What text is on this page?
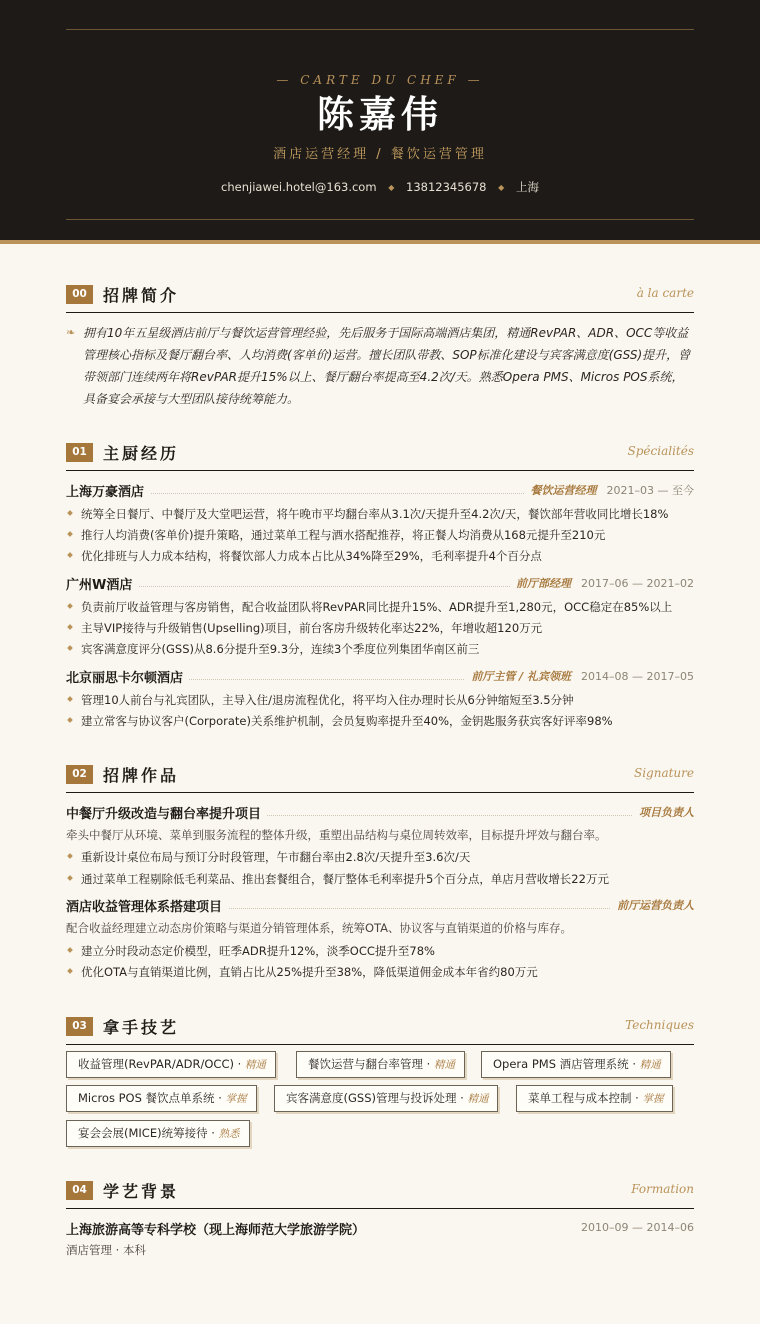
— CARTE DU CHEF —
陈嘉伟
酒店运营经理 / 餐饮运营管理
chenjiawei.hotel@163.com ◆ 13812345678 ◆ 上海
00	招牌简介	à la carte
❧ 拥有10年五星级酒店前厅与餐饮运营管理经验，先后服务于国际高端酒店集团，精通RevPAR、ADR、OCC等收益管理核心指标及餐厅翻台率、人均消费(客单价)运营。擅长团队带教、SOP标准化建设与宾客满意度(GSS)提升，曾带领部门连续两年将RevPAR提升15%以上、餐厅翻台率提高至4.2次/天。熟悉Opera PMS、Micros POS系统，具备宴会承接与大型团队接待统筹能力。
01	主厨经历	Spécialités
上海万豪酒店	餐饮运营经理 2021–03 — 至今
统筹全日餐厅、中餐厅及大堂吧运营，将午晚市平均翻台率从3.1次/天提升至4.2次/天，餐饮部年营收同比增长18%
推行人均消费(客单价)提升策略，通过菜单工程与酒水搭配推荐，将正餐人均消费从168元提升至210元
优化排班与人力成本结构，将餐饮部人力成本占比从34%降至29%，毛利率提升4个百分点
广州W酒店	前厅部经理 2017–06 — 2021–02
负责前厅收益管理与客房销售，配合收益团队将RevPAR同比提升15%、ADR提升至1,280元，OCC稳定在85%以上
主导VIP接待与升级销售(Upselling)项目，前台客房升级转化率达22%，年增收超120万元
宾客满意度评分(GSS)从8.6分提升至9.3分，连续3个季度位列集团华南区前三
北京丽思卡尔顿酒店	前厅主管 / 礼宾领班 2014–08 — 2017–05
管理10人前台与礼宾团队，主导入住/退房流程优化，将平均入住办理时长从6分钟缩短至3.5分钟
建立常客与协议客户(Corporate)关系维护机制，会员复购率提升至40%，金钥匙服务获宾客好评率98%
02	招牌作品	Signature
中餐厅升级改造与翻台率提升项目	项目负责人
牵头中餐厅从环境、菜单到服务流程的整体升级，重塑出品结构与桌位周转效率，目标提升坪效与翻台率。
重新设计桌位布局与预订分时段管理，午市翻台率由2.8次/天提升至3.6次/天
通过菜单工程剔除低毛利菜品、推出套餐组合，餐厅整体毛利率提升5个百分点，单店月营收增长22万元
酒店收益管理体系搭建项目	前厅运营负责人
配合收益经理建立动态房价策略与渠道分销管理体系，统筹OTA、协议客与直销渠道的价格与库存。
建立分时段动态定价模型，旺季ADR提升12%，淡季OCC提升至78%
优化OTA与直销渠道比例，直销占比从25%提升至38%，降低渠道佣金成本年省约80万元
03	拿手技艺	Techniques
收益管理(RevPAR/ADR/OCC) · 精通	餐饮运营与翻台率管理 · 精通	Opera PMS 酒店管理系统 · 精通
Micros POS 餐饮点单系统 · 掌握	宾客满意度(GSS)管理与投诉处理 · 精通	菜单工程与成本控制 · 掌握
宴会会展(MICE)统筹接待 · 熟悉
04	学艺背景	Formation
上海旅游高等专科学校（现上海师范大学旅游学院）	2010–09 — 2014–06
酒店管理 · 本科
